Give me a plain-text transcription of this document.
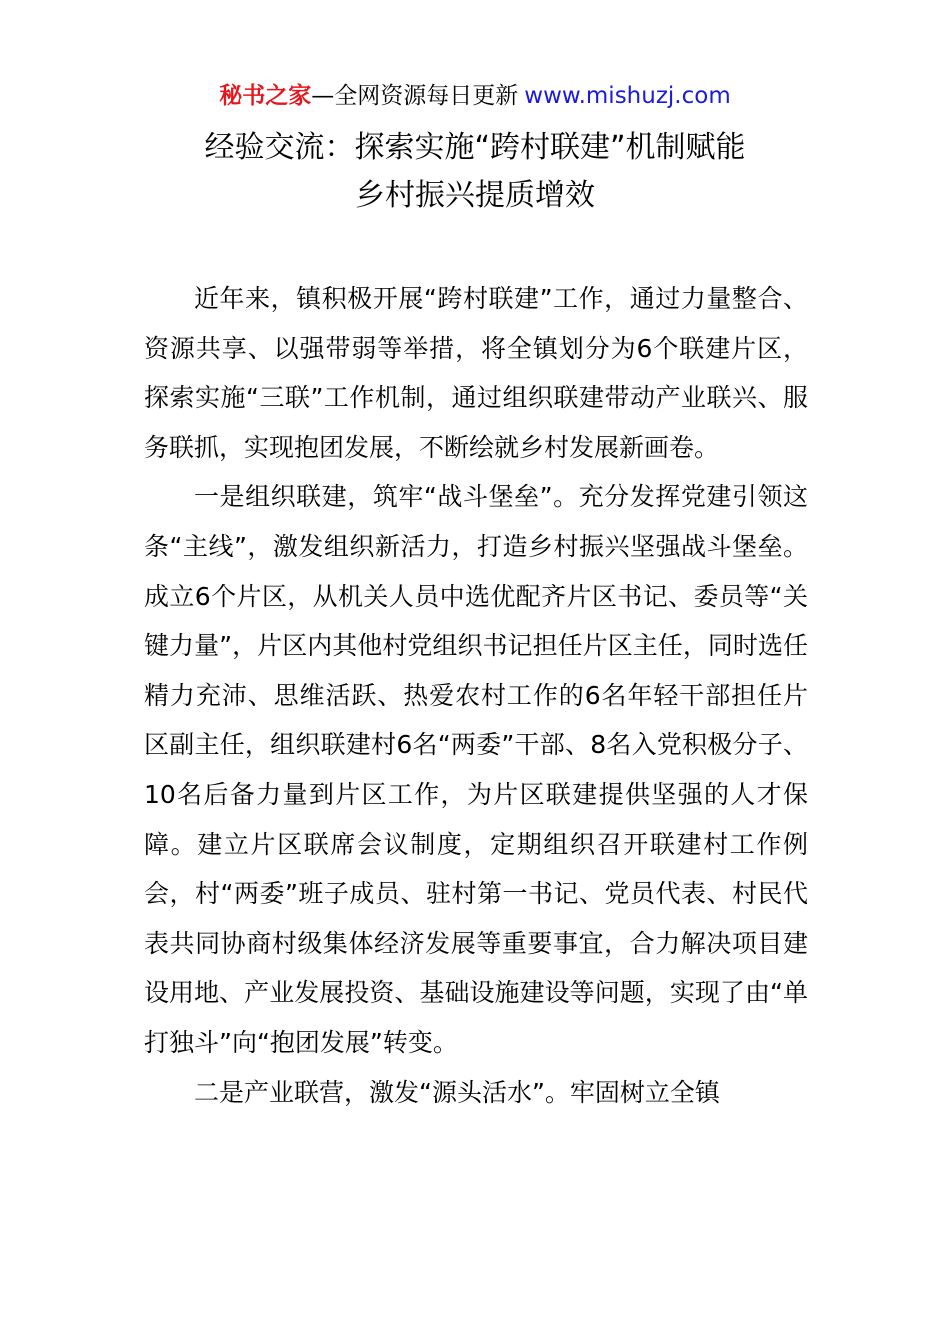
秘书之家—全网资源每日更新 www.mishuzj.com
经验交流：探索实施“跨村联建”机制赋能
乡村振兴提质增效

近年来，镇积极开展“跨村联建”工作，通过力量整合、资源共享、以强带弱等举措，将全镇划分为6个联建片区，探索实施“三联”工作机制，通过组织联建带动产业联兴、服务联抓，实现抱团发展，不断绘就乡村发展新画卷。

一是组织联建，筑牢“战斗堡垒”。充分发挥党建引领这条“主线”，激发组织新活力，打造乡村振兴坚强战斗堡垒。成立6个片区，从机关人员中选优配齐片区书记、委员等“关键力量”，片区内其他村党组织书记担任片区主任，同时选任精力充沛、思维活跃、热爱农村工作的6名年轻干部担任片区副主任，组织联建村6名“两委”干部、8名入党积极分子、10名后备力量到片区工作，为片区联建提供坚强的人才保障。建立片区联席会议制度，定期组织召开联建村工作例会，村“两委”班子成员、驻村第一书记、党员代表、村民代表共同协商村级集体经济发展等重要事宜，合力解决项目建设用地、产业发展投资、基础设施建设等问题，实现了由“单打独斗”向“抱团发展”转变。

二是产业联营，激发“源头活水”。牢固树立全镇
